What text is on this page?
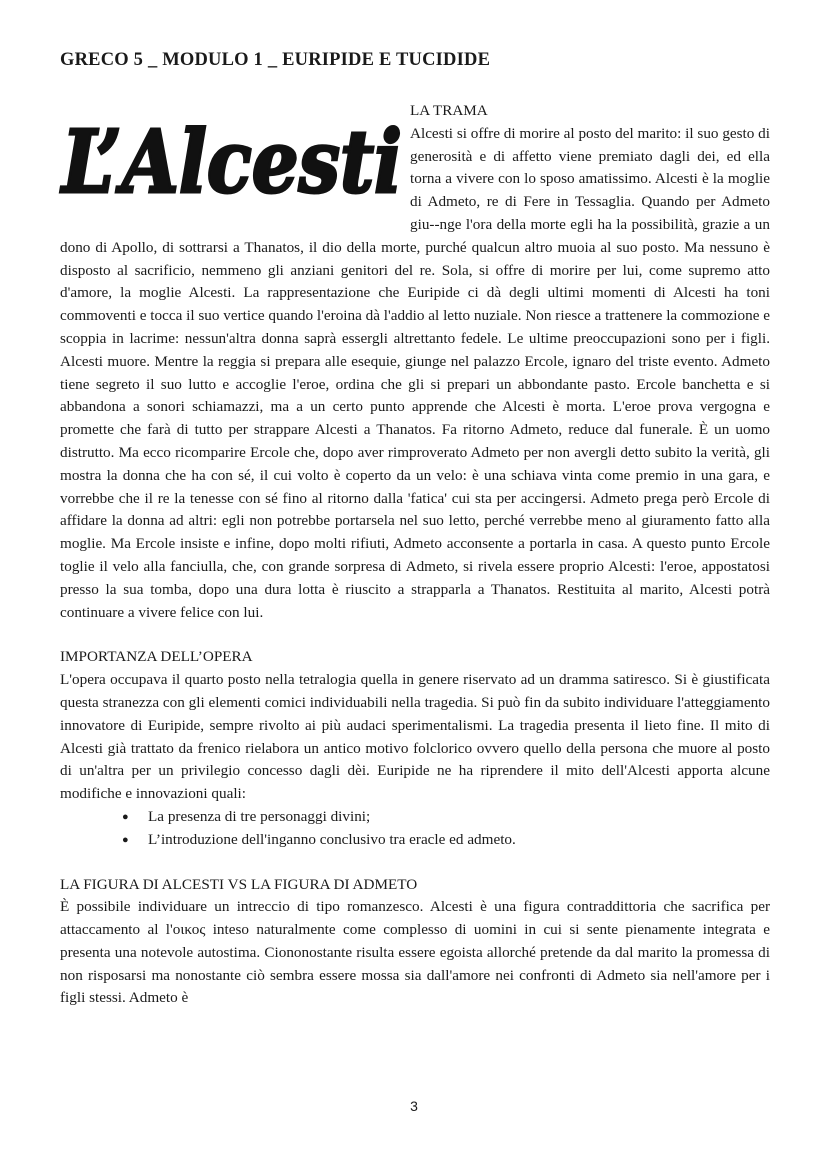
GRECO 5 _ MODULO 1 _ EURIPIDE E TUCIDIDE
L’Alcesti

LA TRAMA

Alcesti si offre di morire al posto del marito: il suo gesto di generosità e di affetto viene premiato dagli dei, ed ella torna a vivere con lo sposo amatissimo. Alcesti è la moglie di Admeto, re di Fere in Tessaglia. Quando per Admeto giu--nge l'ora della morte egli ha la possibilità, grazie a un dono di Apollo, di sottrarsi a Thanatos, il dio della morte, purché qualcun altro muoia al suo posto. Ma nessuno è disposto al sacrificio, nemmeno gli anziani genitori del re. Sola, si offre di morire per lui, come supremo atto d'amore, la moglie Alcesti. La rappresentazione che Euripide ci dà degli ultimi momenti di Alcesti ha toni commoventi e tocca il suo vertice quando l'eroina dà l'addio al letto nuziale. Non riesce a trattenere la commozione e scoppia in lacrime: nessun'altra donna saprà essergli altrettanto fedele. Le ultime preoccupazioni sono per i figli. Alcesti muore. Mentre la reggia si prepara alle esequie, giunge nel palazzo Ercole, ignaro del triste evento. Admeto tiene segreto il suo lutto e accoglie l'eroe, ordina che gli si prepari un abbondante pasto. Ercole banchetta e si abbandona a sonori schiamazzi, ma a un certo punto apprende che Alcesti è morta. L'eroe prova vergogna e promette che farà di tutto per strappare Alcesti a Thanatos. Fa ritorno Admeto, reduce dal funerale. È un uomo distrutto. Ma ecco ricomparire Ercole che, dopo aver rimproverato Admeto per non avergli detto subito la verità, gli mostra la donna che ha con sé, il cui volto è coperto da un velo: è una schiava vinta come premio in una gara, e vorrebbe che il re la tenesse con sé fino al ritorno dalla 'fatica' cui sta per accingersi. Admeto prega però Ercole di affidare la donna ad altri: egli non potrebbe portarsela nel suo letto, perché verrebbe meno al giuramento fatto alla moglie. Ma Ercole insiste e infine, dopo molti rifiuti, Admeto acconsente a portarla in casa. A questo punto Ercole toglie il velo alla fanciulla, che, con grande sorpresa di Admeto, si rivela essere proprio Alcesti: l'eroe, appostatosi presso la sua tomba, dopo una dura lotta è riuscito a strapparla a Thanatos. Restituita al marito, Alcesti potrà continuare a vivere felice con lui.

IMPORTANZA DELL’OPERA

L'opera occupava il quarto posto nella tetralogia quella in genere riservato ad un dramma satiresco. Si è giustificata questa stranezza con gli elementi comici individuabili nella tragedia. Si può fin da subito individuare l'atteggiamento innovatore di Euripide, sempre rivolto ai più audaci sperimentalismi. La tragedia presenta il lieto fine. Il mito di Alcesti già trattato da frenico rielabora un antico motivo folclorico ovvero quello della persona che muore al posto di un'altra per un privilegio concesso dagli dèi. Euripide ne ha riprendere il mito dell'Alcesti apporta alcune modifiche e innovazioni quali:

● La presenza di tre personaggi divini;
● L’introduzione dell'inganno conclusivo tra eracle ed admeto.

LA FIGURA DI ALCESTI VS LA FIGURA DI ADMETO

È possibile individuare un intreccio di tipo romanzesco. Alcesti è una figura contraddittoria che sacrifica per attaccamento al l'οικος inteso naturalmente come complesso di uomini in cui si sente pienamente integrata e presenta una notevole autostima. Ciononostante risulta essere egoista allorché pretende da dal marito la promessa di non risposarsi ma nonostante ciò sembra essere mossa sia dall'amore nei confronti di Admeto sia nell'amore per i figli stessi. Admeto è

3
